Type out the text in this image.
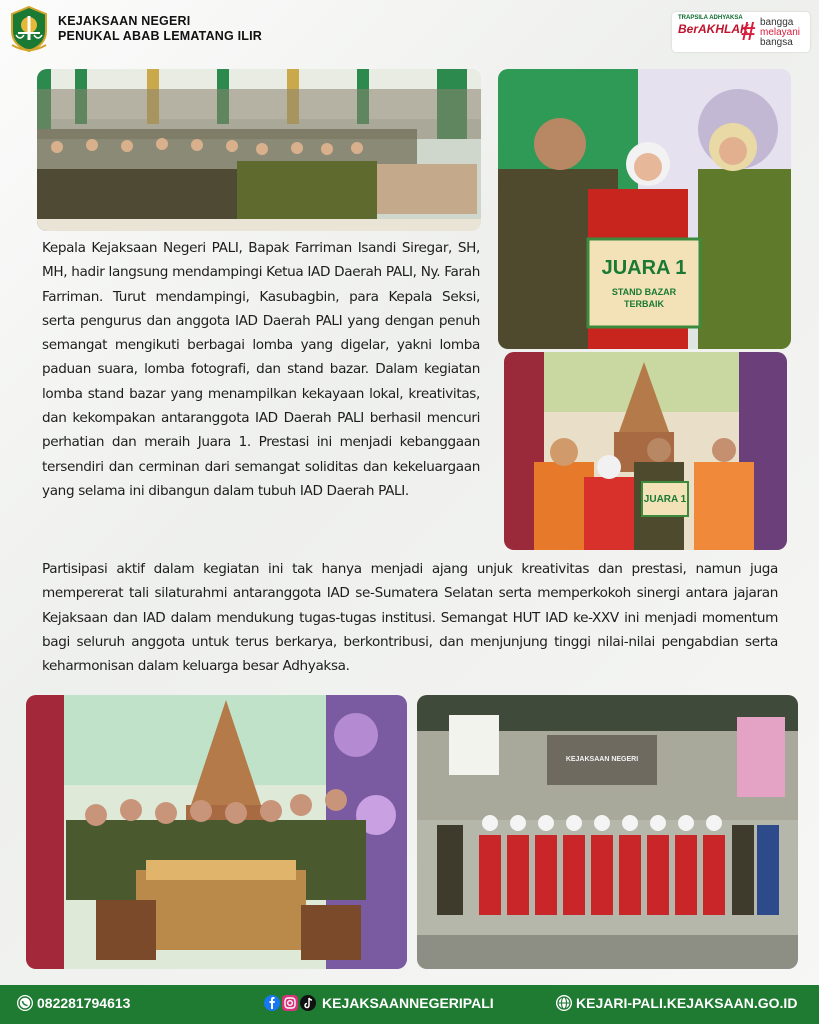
KEJAKSAAN NEGERI
PENUKAL ABAB LEMATANG ILIR
TRAPSILA ADHYAKSA
BerAKHLAK
# bangga
melayani
bangsa
JUARA 1
STAND BAZAR
TERBAIK
JUARA 1

Kepala Kejaksaan Negeri PALI, Bapak Farriman Isandi Siregar, SH, MH, hadir langsung mendampingi Ketua IAD Daerah PALI, Ny. Farah Farriman. Turut mendampingi, Kasubagbin, para Kepala Seksi, serta pengurus dan anggota IAD Daerah PALI yang dengan penuh semangat mengikuti berbagai lomba yang digelar, yakni lomba paduan suara, lomba fotografi, dan stand bazar. Dalam kegiatan lomba stand bazar yang menampilkan kekayaan lokal, kreativitas, dan kekompakan antaranggota IAD Daerah PALI berhasil mencuri perhatian dan meraih Juara 1. Prestasi ini menjadi kebanggaan tersendiri dan cerminan dari semangat soliditas dan kekeluargaan yang selama ini dibangun dalam tubuh IAD Daerah PALI.

Partisipasi aktif dalam kegiatan ini tak hanya menjadi ajang unjuk kreativitas dan prestasi, namun juga mempererat tali silaturahmi antaranggota IAD se-Sumatera Selatan serta memperkokoh sinergi antara jajaran Kejaksaan dan IAD dalam mendukung tugas-tugas institusi. Semangat HUT IAD ke-XXV ini menjadi momentum bagi seluruh anggota untuk terus berkarya, berkontribusi, dan menjunjung tinggi nilai-nilai pengabdian serta keharmonisan dalam keluarga besar Adhyaksa.

KEJAKSAAN NEGERI
082281794613	KEJAKSAANNEGERIPALI	KEJARI-PALI.KEJAKSAAN.GO.ID
